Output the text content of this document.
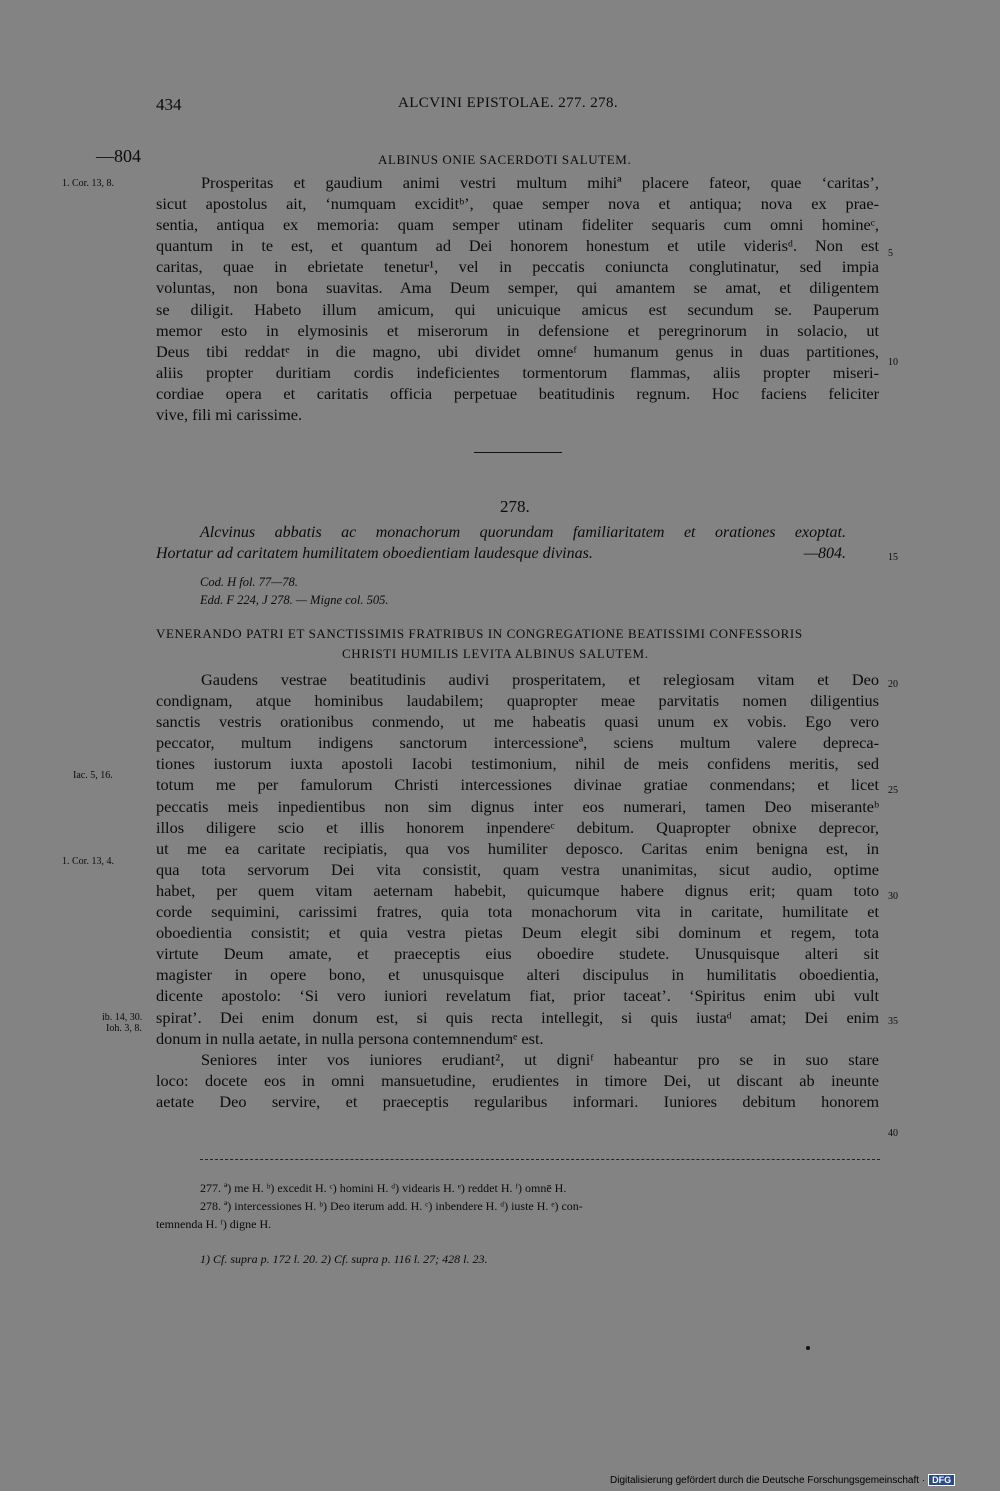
434	ALCVINI EPISTOLAE. 277. 278.
—804	ALBINUS ONIE SACERDOTI SALUTEM.
1. Cor. 13, 8.	Prosperitas et gaudium animi vestri multum mihiª placere fateor, quae ‘caritas’,
sicut apostolus ait, ‘numquam exciditᵇ’, quae semper nova et antiqua; nova ex prae-
sentia, antiqua ex memoria: quam semper utinam fideliter sequaris cum omni homineᶜ,
quantum in te est, et quantum ad Dei honorem honestum et utile viderisᵈ. Non est
caritas, quae in ebrietate tenetur¹, vel in peccatis coniuncta conglutinatur, sed impia
voluntas, non bona suavitas. Ama Deum semper, qui amantem se amat, et diligentem
se diligit. Habeto illum amicum, qui unicuique amicus est secundum se. Pauperum
memor esto in elymosinis et miserorum in defensione et peregrinorum in solacio, ut
Deus tibi reddatᵉ in die magno, ubi dividet omneᶠ humanum genus in duas partitiones,
aliis propter duritiam cordis indeficientes tormentorum flammas, aliis propter miseri-
cordiae opera et caritatis officia perpetuae beatitudinis regnum. Hoc faciens feliciter
vive, fili mi carissime.
5
10
278.
Alcvinus abbatis ac monachorum quorundam familiaritatem et orationes exoptat.
Hortatur ad caritatem humilitatem oboedientiam laudesque divinas.	—804.	15
Cod. H fol. 77—78.
Edd. F 224, J 278. — Migne col. 505.
VENERANDO PATRI ET SANCTISSIMIS FRATRIBUS IN CONGREGATIONE BEATISSIMI CONFESSORIS
CHRISTI HUMILIS LEVITA ALBINUS SALUTEM.
Gaudens vestrae beatitudinis audivi prosperitatem, et relegiosam vitam et Deo
condignam, atque hominibus laudabilem; quapropter meae parvitatis nomen diligentius
sanctis vestris orationibus conmendo, ut me habeatis quasi unum ex vobis. Ego vero
peccator, multum indigens sanctorum intercessioneª, sciens multum valere depreca-
tiones iustorum iuxta apostoli Iacobi testimonium, nihil de meis confidens meritis, sed
totum me per famulorum Christi intercessiones divinae gratiae conmendans; et licet
peccatis meis inpedientibus non sim dignus inter eos numerari, tamen Deo miseranteᵇ
illos diligere scio et illis honorem inpendereᶜ debitum. Quapropter obnixe deprecor,
ut me ea caritate recipiatis, qua vos humiliter deposco. Caritas enim benigna est, in
qua tota servorum Dei vita consistit, quam vestra unanimitas, sicut audio, optime
habet, per quem vitam aeternam habebit, quicumque habere dignus erit; quam toto
corde sequimini, carissimi fratres, quia tota monachorum vita in caritate, humilitate et
oboedientia consistit; et quia vestra pietas Deum elegit sibi dominum et regem, tota
virtute Deum amate, et praeceptis eius oboedire studete. Unusquisque alteri sit
magister in opere bono, et unusquisque alteri discipulus in humilitatis oboedientia,
dicente apostolo: ‘Si vero iuniori revelatum fiat, prior taceat’. ‘Spiritus enim ubi vult
spirat’. Dei enim donum est, si quis recta intellegit, si quis iustaᵈ amat; Dei enim
donum in nulla aetate, in nulla persona contemnendumᵉ est.
Seniores inter vos iuniores erudiant², ut digniᶠ habeantur pro se in suo stare
loco: docete eos in omni mansuetudine, erudientes in timore Dei, ut discant ab ineunte
aetate Deo servire, et praeceptis regularibus informari. Iuniores debitum honorem
Iac. 5, 16.
1. Cor. 13, 4.
ib. 14, 30.
Ioh. 3, 8.
20
25
30
35
40
277. ª) me H. ᵇ) excedit H. ᶜ) homini H. ᵈ) videaris H. ᵉ) reddet H. ᶠ) omnē H.
278. ª) intercessiones H. ᵇ) Deo iterum add. H. ᶜ) inbendere H. ᵈ) iuste H. ᵉ) con-
temnenda H. ᶠ) digne H.
1) Cf. supra p. 172 l. 20. 2) Cf. supra p. 116 l. 27; 428 l. 23.
Digitalisierung gefördert durch die Deutsche Forschungsgemeinschaft · DFG
